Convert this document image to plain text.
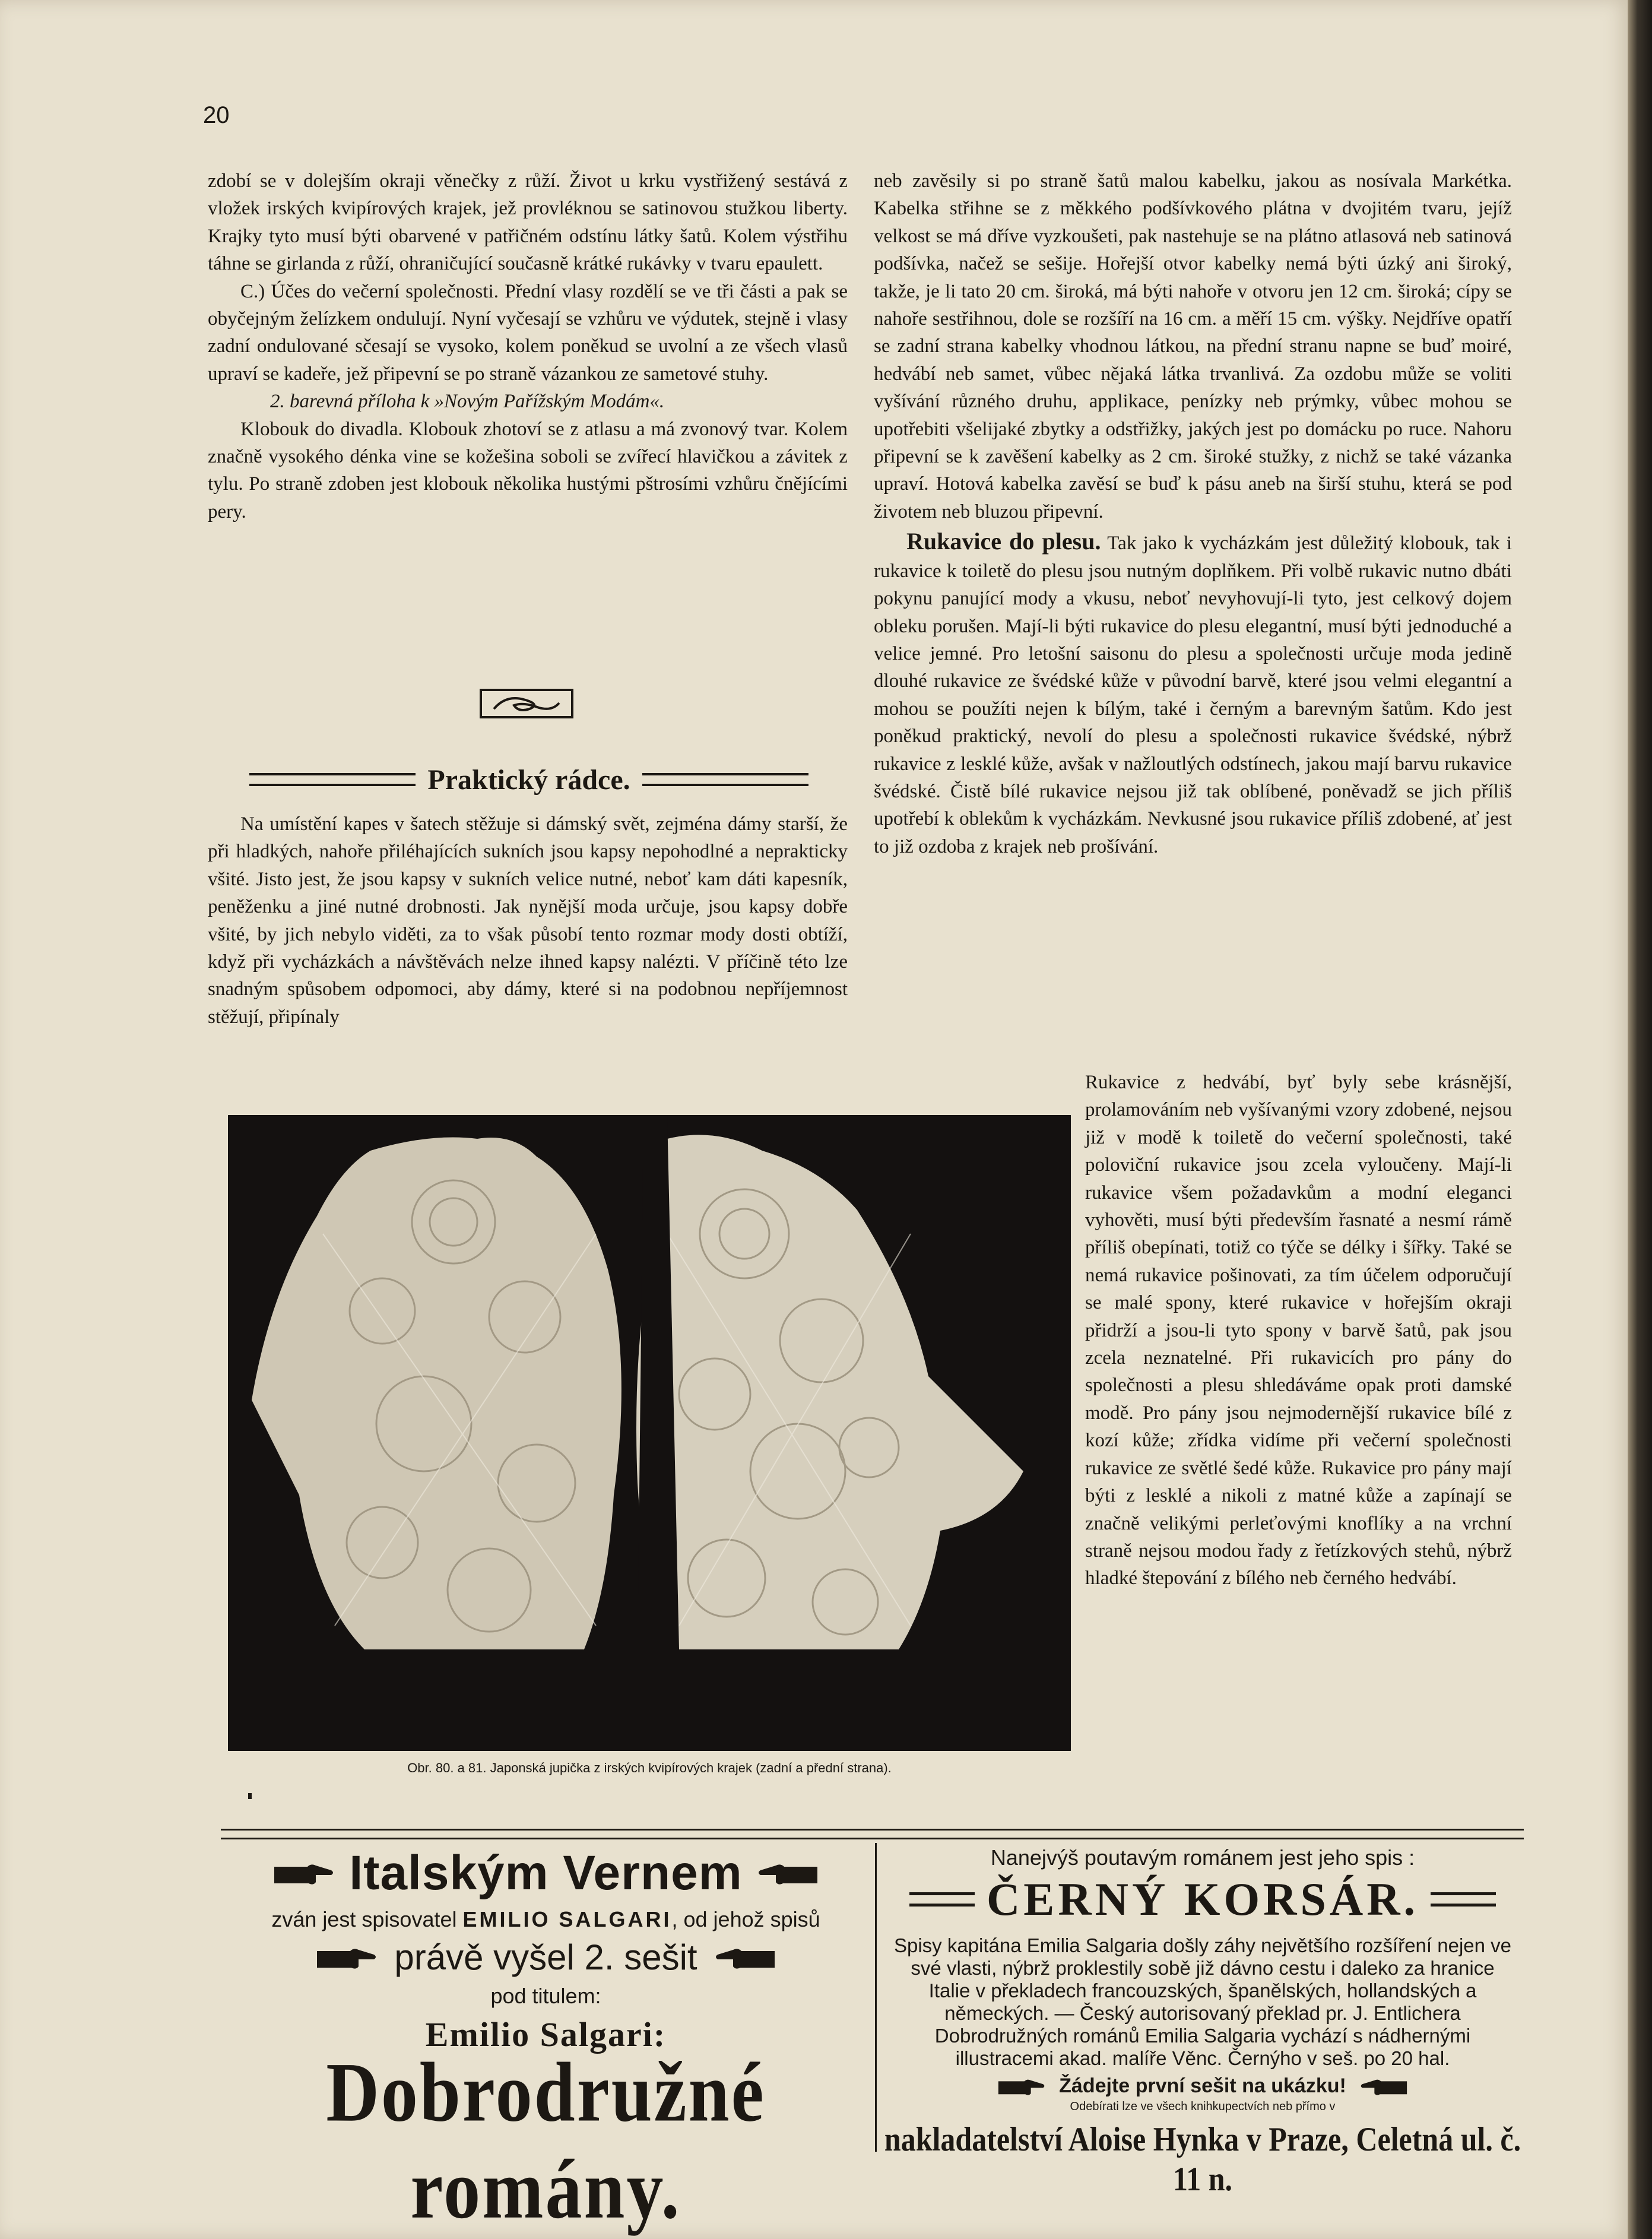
20

zdobí se v dolejším okraji věnečky z růží. Život u krku vystřižený sestává z vložek irských kvipírových krajek, jež provléknou se satinovou stužkou liberty. Krajky tyto musí býti obarvené v patřičném odstínu látky šatů. Kolem výstřihu táhne se girlanda z růží, ohraničující současně krátké rukávky v tvaru epaulett.

C.) Účes do večerní společnosti. Přední vlasy rozdělí se ve tři části a pak se obyčejným želízkem ondulují. Nyní vyčesají se vzhůru ve výdutek, stejně i vlasy zadní ondulované sčesají se vysoko, kolem poněkud se uvolní a ze všech vlasů upraví se kadeře, jež připevní se po straně vázankou ze sametové stuhy.

2. barevná příloha k »Novým Pařížským Modám«.

Klobouk do divadla. Klobouk zhotoví se z atlasu a má zvonový tvar. Kolem značně vysokého dénka vine se kožešina soboli se zvířecí hlavičkou a závitek z tylu. Po straně zdoben jest klobouk několika hustými pštrosími vzhůru čnějícími pery.

Praktický rádce.

Na umístění kapes v šatech stěžuje si dámský svět, zejména dámy starší, že při hladkých, nahoře přiléhajících sukních jsou kapsy nepohodlné a neprakticky všité. Jisto jest, že jsou kapsy v sukních velice nutné, neboť kam dáti kapesník, peněženku a jiné nutné drobnosti. Jak nynější moda určuje, jsou kapsy dobře všité, by jich nebylo viděti, za to však působí tento rozmar mody dosti obtíží, když při vycházkách a návštěvách nelze ihned kapsy nalézti. V příčině této lze snadným spůsobem odpomoci, aby dámy, které si na podobnou nepříjemnost stěžují, připínaly

neb zavěsily si po straně šatů malou kabelku, jakou as nosívala Markétka. Kabelka střihne se z měkkého podšívkového plátna v dvojitém tvaru, jejíž velkost se má dříve vyzkoušeti, pak nastehuje se na plátno atlasová neb satinová podšívka, načež se sešije. Hořejší otvor kabelky nemá býti úzký ani široký, takže, je li tato 20 cm. široká, má býti nahoře v otvoru jen 12 cm. široká; cípy se nahoře sestřihnou, dole se rozšíří na 16 cm. a měří 15 cm. výšky. Nejdříve opatří se zadní strana kabelky vhodnou látkou, na přední stranu napne se buď moiré, hedvábí neb samet, vůbec nějaká látka trvanlivá. Za ozdobu může se voliti vyšívání různého druhu, applikace, penízky neb prýmky, vůbec mohou se upotřebiti všelijaké zbytky a odstřižky, jakých jest po domácku po ruce. Nahoru připevní se k zavěšení kabelky as 2 cm. široké stužky, z nichž se také vázanka upraví. Hotová kabelka zavěsí se buď k pásu aneb na širší stuhu, která se pod životem neb bluzou připevní.

Rukavice do plesu. Tak jako k vycházkám jest důležitý klobouk, tak i rukavice k toiletě do plesu jsou nutným doplňkem. Při volbě rukavic nutno dbáti pokynu panující mody a vkusu, neboť nevyhovují-li tyto, jest celkový dojem obleku porušen. Mají-li býti rukavice do plesu elegantní, musí býti jednoduché a velice jemné. Pro letošní saisonu do plesu a společnosti určuje moda jedině dlouhé rukavice ze švédské kůže v původní barvě, které jsou velmi elegantní a mohou se použíti nejen k bílým, také i černým a barevným šatům. Kdo jest poněkud praktický, nevolí do plesu a společnosti rukavice švédské, nýbrž rukavice z lesklé kůže, avšak v nažloutlých odstínech, jakou mají barvu rukavice švédské. Čistě bílé rukavice nejsou již tak oblíbené, poněvadž se jich příliš upotřebí k oblekům k vycházkám. Nevkusné jsou rukavice příliš zdobené, ať jest to již ozdoba z krajek neb prošívání.

Obr. 80. a 81. Japonská jupička z irských kvipírových krajek (zadní a přední strana).
Rukavice z hedvábí, byť byly sebe krásnější, prolamováním neb vyšívanými vzory zdobené, nejsou již v modě k toiletě do večerní společnosti, také poloviční rukavice jsou zcela vyloučeny. Mají-li rukavice všem požadavkům a modní eleganci vyhověti, musí býti především řasnaté a nesmí rámě příliš obepínati, totiž co týče se délky i šířky. Také se nemá rukavice pošinovati, za tím účelem odporučují se malé spony, které rukavice v hořejším okraji přidrží a jsou-li tyto spony v barvě šatů, pak jsou zcela neznatelné. Při rukavicích pro pány do společnosti a plesu shledáváme opak proti damské modě. Pro pány jsou nejmodernější rukavice bílé z kozí kůže; zřídka vidíme při večerní společnosti rukavice ze světlé šedé kůže. Rukavice pro pány mají býti z lesklé a nikoli z matné kůže a zapínají se značně velikými perleťovými knoflíky a na vrchní straně nejsou modou řady z řetízkových stehů, nýbrž hladké štepování z bílého neb černého hedvábí.
Italským Vernem
zván jest spisovatel EMILIO SALGARI, od jehož spisů
právě vyšel 2. sešit
pod titulem:
Emilio Salgari:
Dobrodružné romány.
Nanejvýš poutavým románem jest jeho spis :
ČERNÝ KORSÁR.
Spisy kapitána Emilia Salgaria došly záhy největšího rozšíření nejen ve své vlasti, nýbrž proklestily sobě již dávno cestu i daleko za hranice Italie v překladech francouzských, španělských, hollandských a německých. — Český autorisovaný překlad pr. J. Entlichera Dobrodružných románů Emilia Salgaria vychází s nádhernými illustracemi akad. malíře Věnc. Černýho v seš. po 20 hal.
Žádejte první sešit na ukázku!
Odebírati lze ve všech knihkupectvích neb přímo v
nakladatelství Aloise Hynka v Praze, Celetná ul. č. 11 n.
